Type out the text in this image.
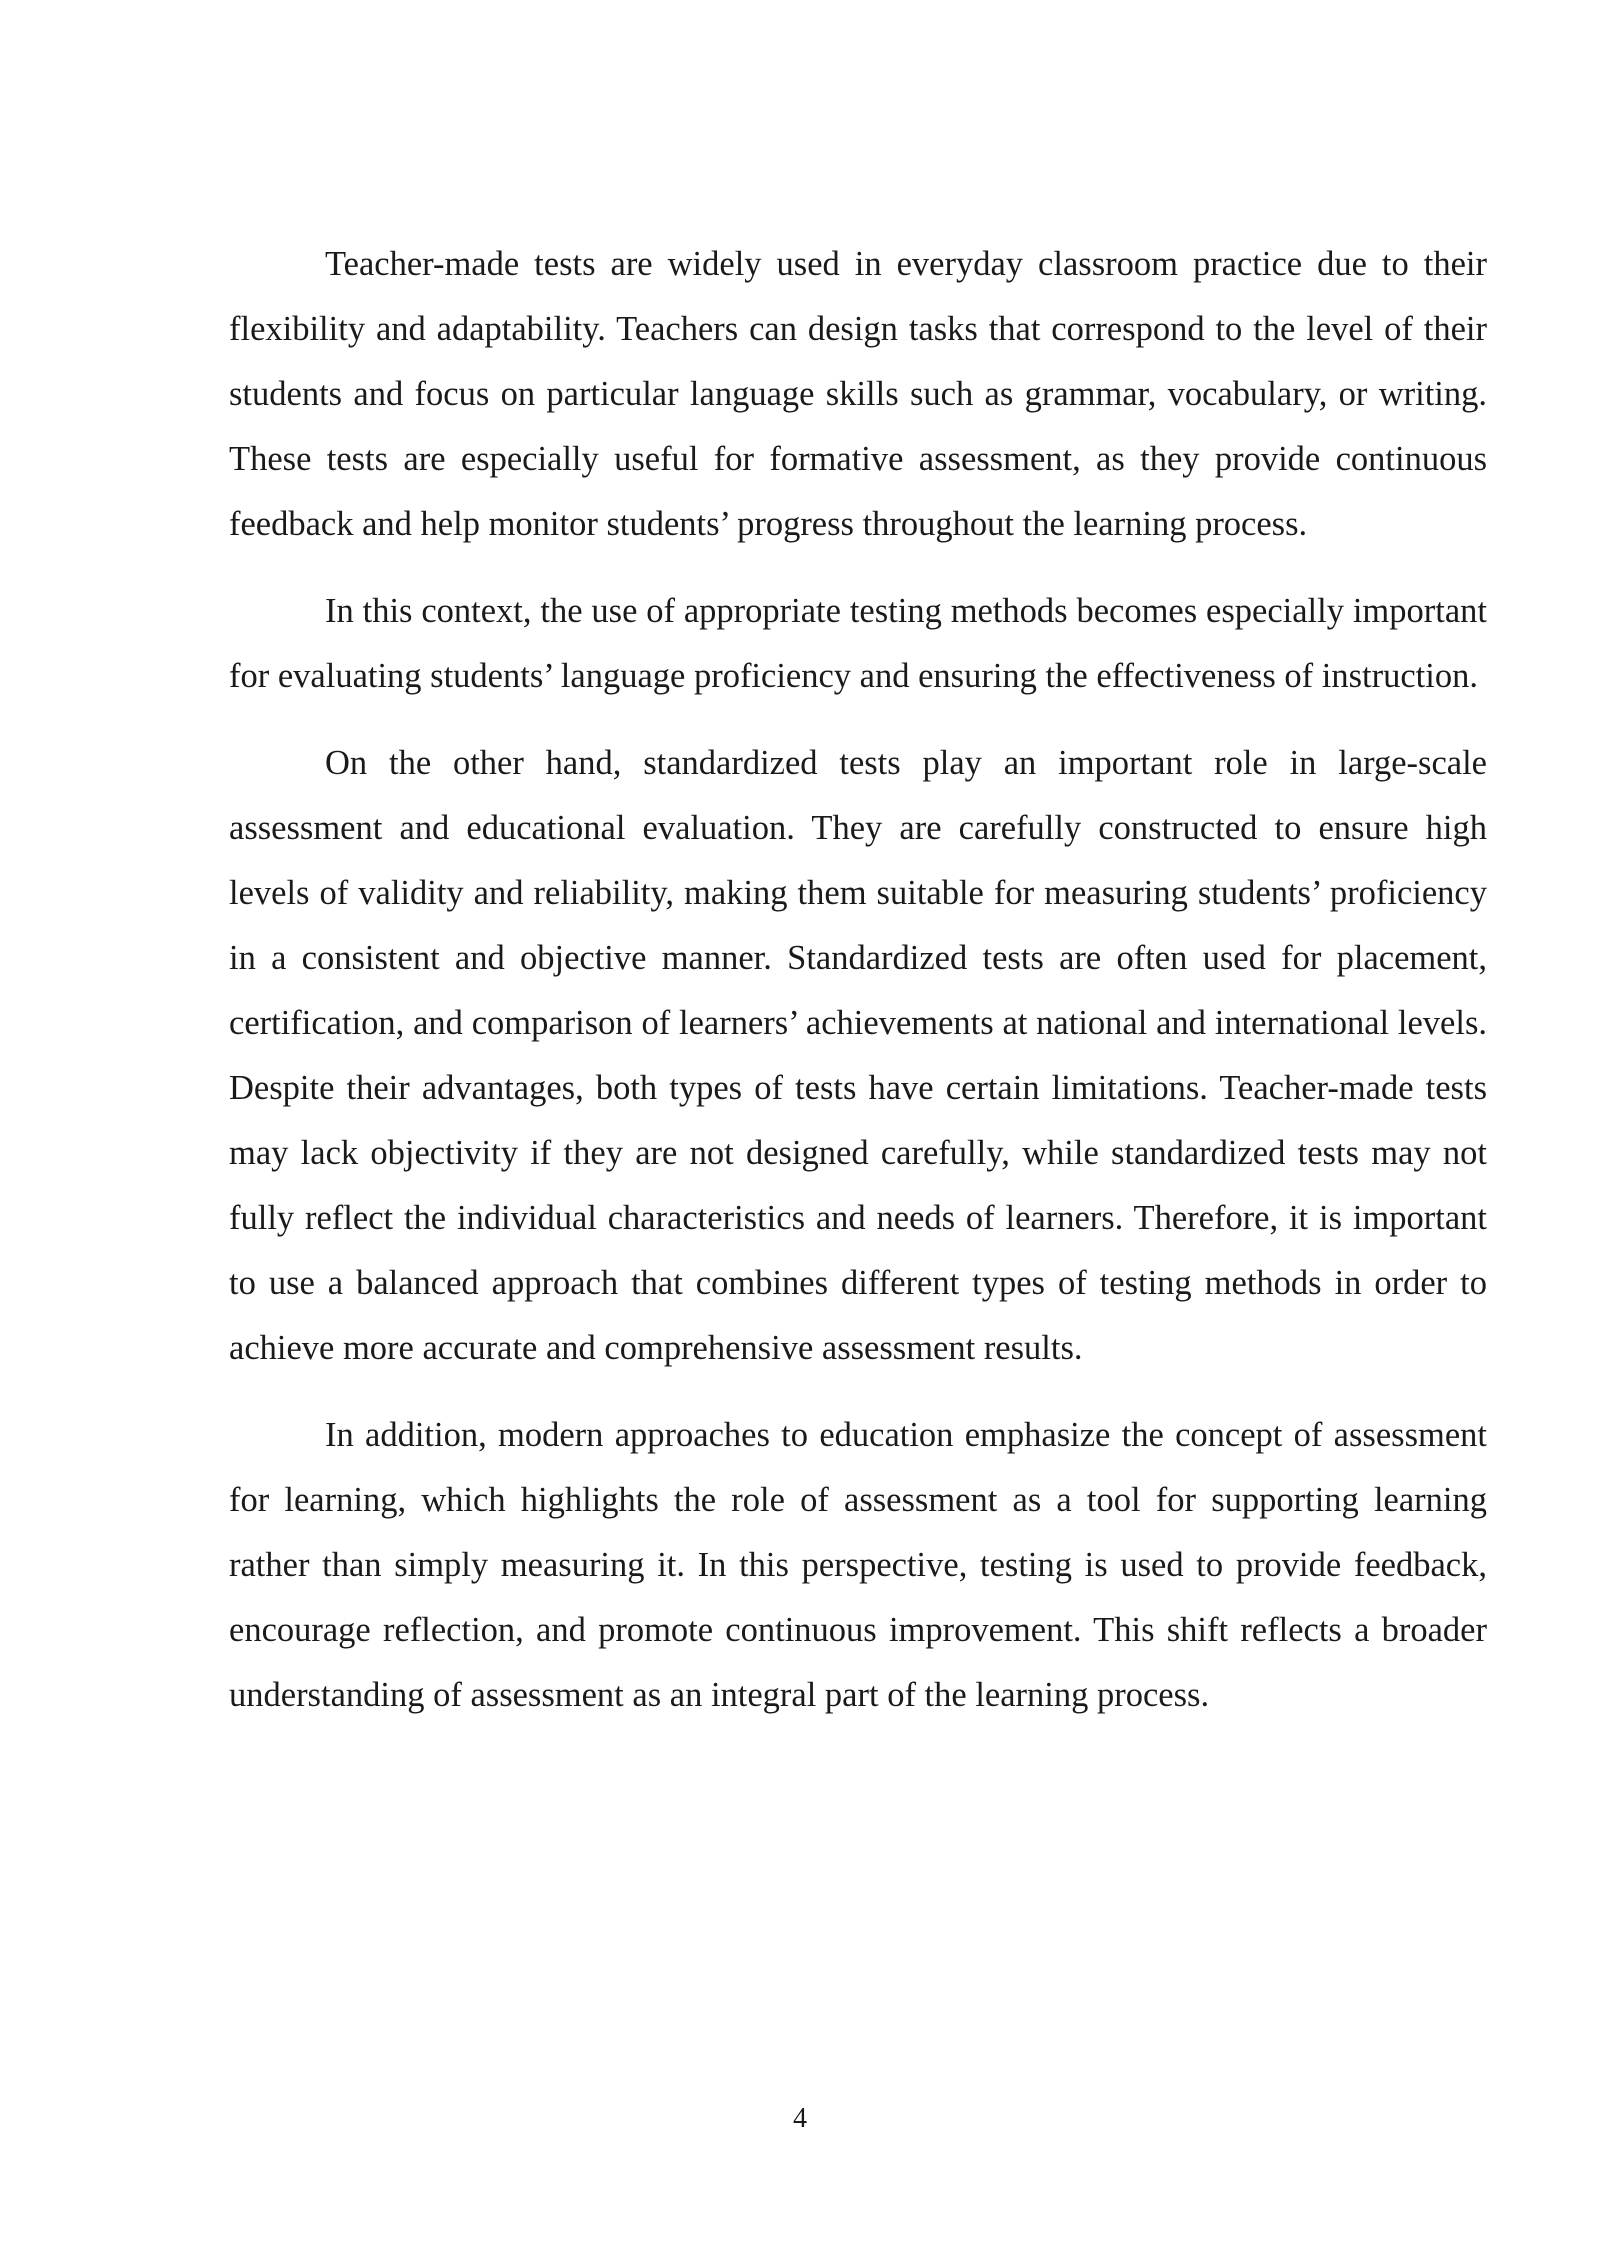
Teacher-made tests are widely used in everyday classroom practice due to their flexibility and adaptability. Teachers can design tasks that correspond to the level of their students and focus on particular language skills such as grammar, vocabulary, or writing. These tests are especially useful for formative assessment, as they provide continuous feedback and help monitor students’ progress throughout the learning process.

In this context, the use of appropriate testing methods becomes especially important for evaluating students’ language proficiency and ensuring the effectiveness of instruction.

On the other hand, standardized tests play an important role in large-scale assessment and educational evaluation. They are carefully constructed to ensure high levels of validity and reliability, making them suitable for measuring students’ proficiency in a consistent and objective manner. Standardized tests are often used for placement, certification, and comparison of learners’ achievements at national and international levels. Despite their advantages, both types of tests have certain limitations. Teacher-made tests may lack objectivity if they are not designed carefully, while standardized tests may not fully reflect the individual characteristics and needs of learners. Therefore, it is important to use a balanced approach that combines different types of testing methods in order to achieve more accurate and comprehensive assessment results.

In addition, modern approaches to education emphasize the concept of assessment for learning, which highlights the role of assessment as a tool for supporting learning rather than simply measuring it. In this perspective, testing is used to provide feedback, encourage reflection, and promote continuous improvement. This shift reflects a broader understanding of assessment as an integral part of the learning process.

4
